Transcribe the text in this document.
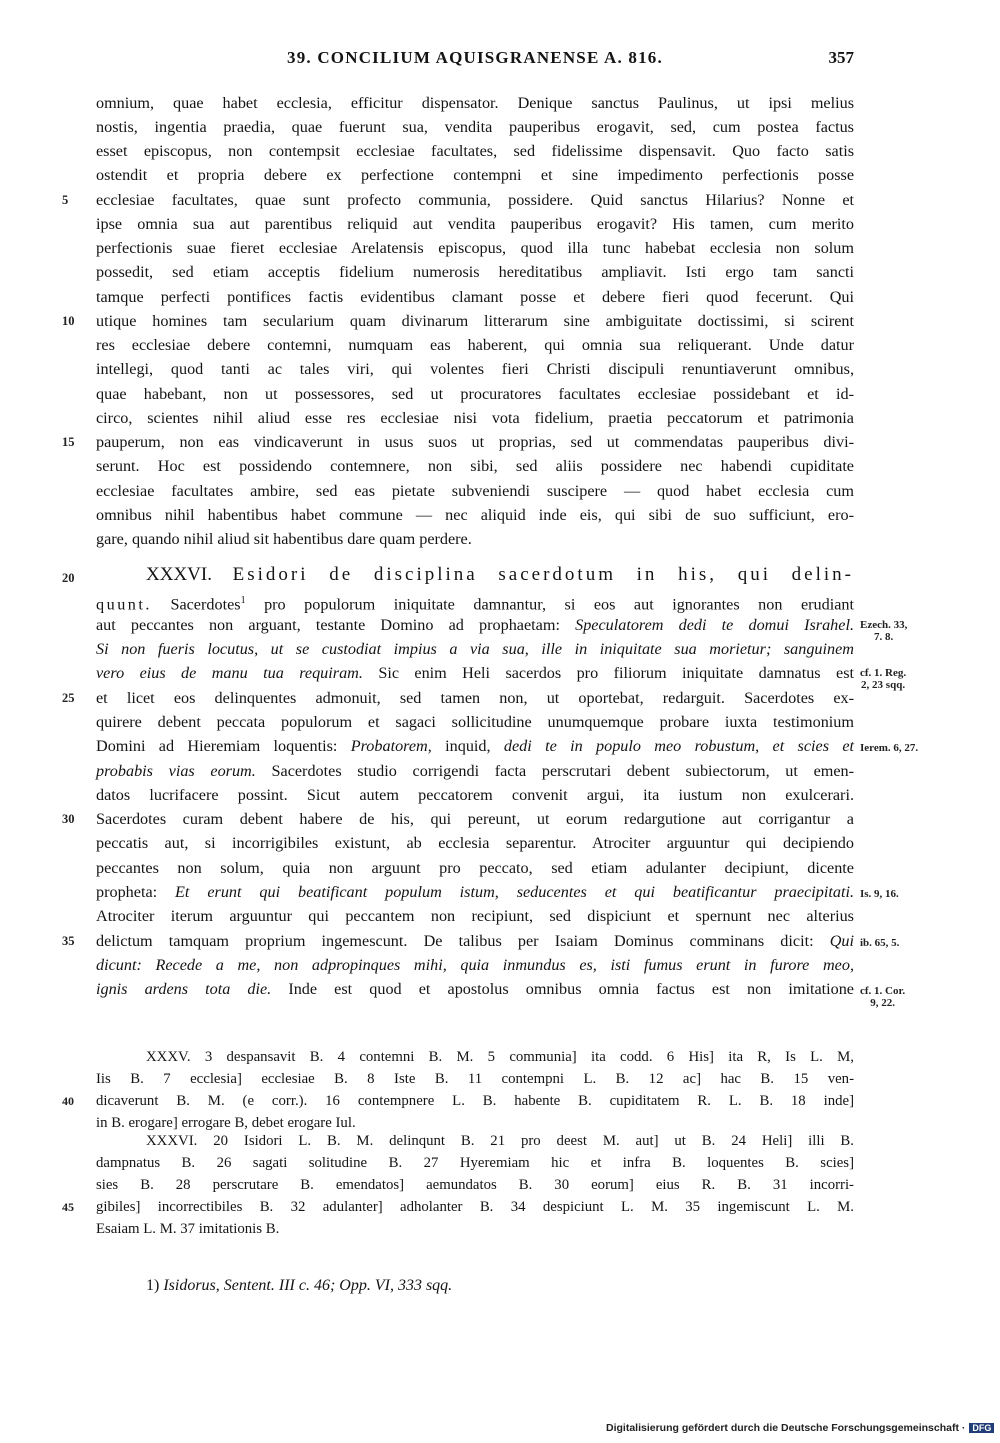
39. CONCILIUM AQUISGRANENSE A. 816.	357
omnium, quae habet ecclesia, efficitur dispensator. Denique sanctus Paulinus, ut ipsi melius
nostis, ingentia praedia, quae fuerunt sua, vendita pauperibus erogavit, sed, cum postea factus
esset episcopus, non contempsit ecclesiae facultates, sed fidelissime dispensavit. Quo facto satis
ostendit et propria debere ex perfectione contempni et sine impedimento perfectionis posse
ecclesiae facultates, quae sunt profecto communia, possidere. Quid sanctus Hilarius? Nonne et
ipse omnia sua aut parentibus reliquid aut vendita pauperibus erogavit? His tamen, cum merito
perfectionis suae fieret ecclesiae Arelatensis episcopus, quod illa tunc habebat ecclesia non solum
possedit, sed etiam acceptis fidelium numerosis hereditatibus ampliavit. Isti ergo tam sancti
tamque perfecti pontifices factis evidentibus clamant posse et debere fieri quod fecerunt. Qui
utique homines tam secularium quam divinarum litterarum sine ambiguitate doctissimi, si scirent
res ecclesiae debere contemni, numquam eas haberent, qui omnia sua reliquerant. Unde datur
intellegi, quod tanti ac tales viri, qui volentes fieri Christi discipuli renuntiaverunt omnibus,
quae habebant, non ut possessores, sed ut procuratores facultates ecclesiae possidebant et id-
circo, scientes nihil aliud esse res ecclesiae nisi vota fidelium, praetia peccatorum et patrimonia
pauperum, non eas vindicaverunt in usus suos ut proprias, sed ut commendatas pauperibus divi-
serunt. Hoc est possidendo contemnere, non sibi, sed aliis possidere nec habendi cupiditate
ecclesiae facultates ambire, sed eas pietate subveniendi suscipere — quod habet ecclesia cum
omnibus nihil habentibus habet commune — nec aliquid inde eis, qui sibi de suo sufficiunt, ero-
gare, quando nihil aliud sit habentibus dare quam perdere.
XXXVI. Esidori de disciplina sacerdotum in his, qui delin-
quunt. Sacerdotes$^1$ pro populorum iniquitate damnantur, si eos aut ignorantes non erudiant
aut peccantes non arguant, testante Domino ad prophaetam: Speculatorem dedi te domui Israhel.
Si non fueris locutus, ut se custodiat impius a via sua, ille in iniquitate sua morietur; sanguinem
vero eius de manu tua requiram. Sic enim Heli sacerdos pro filiorum iniquitate damnatus est
et licet eos delinquentes admonuit, sed tamen non, ut oportebat, redarguit. Sacerdotes ex-
quirere debent peccata populorum et sagaci sollicitudine unumquemque probare iuxta testimonium
Domini ad Hieremiam loquentis: Probatorem, inquid, dedi te in populo meo robustum, et scies et
probabis vias eorum. Sacerdotes studio corrigendi facta perscrutari debent subiectorum, ut emen-
datos lucrifacere possint. Sicut autem peccatorem convenit argui, ita iustum non exulcerari.
Sacerdotes curam debent habere de his, qui pereunt, ut eorum redargutione aut corrigantur a
peccatis aut, si incorrigibiles existunt, ab ecclesia separentur. Atrociter arguuntur qui decipiendo
peccantes non solum, quia non arguunt pro peccato, sed etiam adulanter decipiunt, dicente
propheta: Et erunt qui beatificant populum istum, seducentes et qui beatificantur praecipitati.
Atrociter iterum arguuntur qui peccantem non recipiunt, sed dispiciunt et spernunt nec alterius
delictum tamquam proprium ingemescunt. De talibus per Isaiam Dominus comminans dicit: Qui
dicunt: Recede a me, non adpropinques mihi, quia inmundus es, isti fumus erunt in furore meo,
ignis ardens tota die. Inde est quod et apostolus omnibus omnia factus est non imitatione
5
10
15
20
25
30
35
40
45
Ezech. 33,
7. 8.
cf. 1. Reg.
2, 23 sqq.
Ierem. 6, 27.
Is. 9, 16.
ib. 65, 5.
cf. 1. Cor.
9, 22.
XXXV. 3 despansavit B. 4 contemni B. M. 5 communia] ita codd. 6 His] ita R, Is L. M,
Iis B. 7 ecclesia] ecclesiae B. 8 Iste B. 11 contempni L. B. 12 ac] hac B. 15 ven-
dicaverunt B. M. (e corr.). 16 contempnere L. B. habente B. cupiditatem R. L. B. 18 inde]
in B. erogare] errogare B, debet erogare Iul.
XXXVI. 20 Isidori L. B. M. delinqunt B. 21 pro deest M. aut] ut B. 24 Heli] illi B.
dampnatus B. 26 sagati solitudine B. 27 Hyeremiam hic et infra B. loquentes B. scies]
sies B. 28 perscrutare B. emendatos] aemundatos B. 30 eorum] eius R. B. 31 incorri-
gibiles] incorrectibiles B. 32 adulanter] adholanter B. 34 despiciunt L. M. 35 ingemiscunt L. M.
Esaiam L. M. 37 imitationis B.
1) Isidorus, Sentent. III c. 46; Opp. VI, 333 sqq.
Digitalisierung gefördert durch die Deutsche Forschungsgemeinschaft · DFG
